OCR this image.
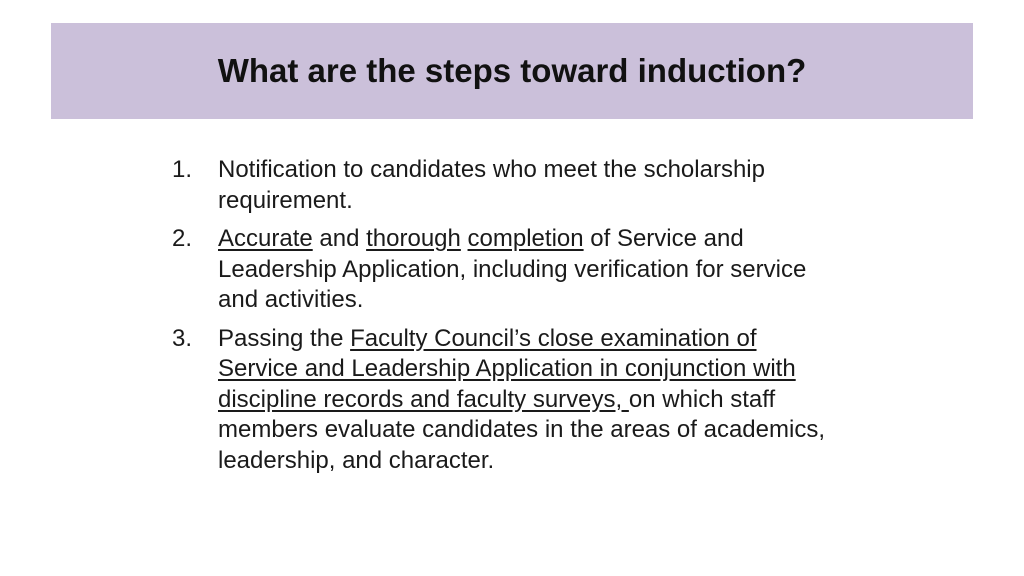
What are the steps toward induction?
1.	Notification to candidates who meet the scholarship requirement.
2.	Accurate and thorough completion of Service and Leadership Application, including verification for service and activities.
3.	Passing the Faculty Council’s close examination of Service and Leadership Application in conjunction with discipline records and faculty surveys, on which staff members evaluate candidates in the areas of academics, leadership, and character.
